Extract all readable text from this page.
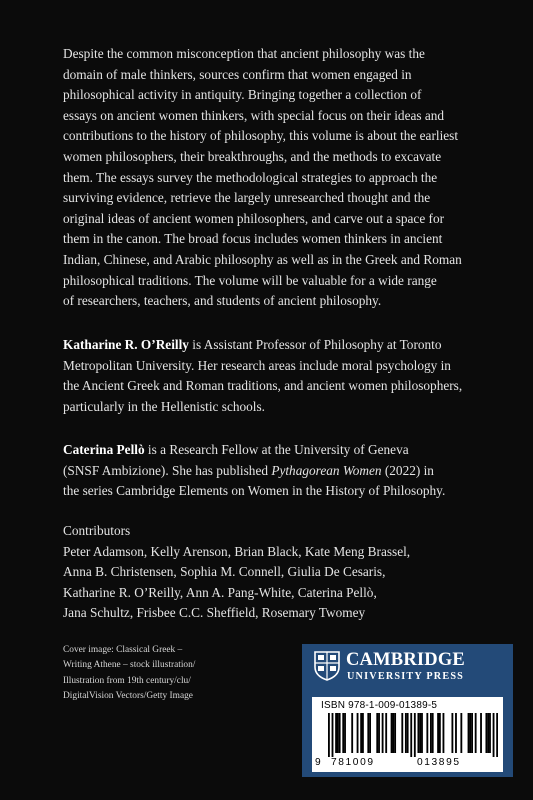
Despite the common misconception that ancient philosophy was the

domain of male thinkers, sources confirm that women engaged in

philosophical activity in antiquity. Bringing together a collection of

essays on ancient women thinkers, with special focus on their ideas and

contributions to the history of philosophy, this volume is about the earliest

women philosophers, their breakthroughs, and the methods to excavate

them. The essays survey the methodological strategies to approach the

surviving evidence, retrieve the largely unresearched thought and the

original ideas of ancient women philosophers, and carve out a space for

them in the canon. The broad focus includes women thinkers in ancient

Indian, Chinese, and Arabic philosophy as well as in the Greek and Roman

philosophical traditions. The volume will be valuable for a wide range

of researchers, teachers, and students of ancient philosophy.

Katharine R. O’Reilly is Assistant Professor of Philosophy at Toronto

Metropolitan University. Her research areas include moral psychology in

the Ancient Greek and Roman traditions, and ancient women philosophers,

particularly in the Hellenistic schools.

Caterina Pellò is a Research Fellow at the University of Geneva

(SNSF Ambizione). She has published Pythagorean Women (2022) in

the series Cambridge Elements on Women in the History of Philosophy.

Contributors
Peter Adamson, Kelly Arenson, Brian Black, Kate Meng Brassel,
Anna B. Christensen, Sophia M. Connell, Giulia De Cesaris,
Katharine R. O’Reilly, Ann A. Pang-White, Caterina Pellò,
Jana Schultz, Frisbee C.C. Sheffield, Rosemary Twomey
Cover image: Classical Greek –
Writing Athene – stock illustration/
Illustration from 19th century/clu/
DigitalVision Vectors/Getty Image
CAMBRIDGE
UNIVERSITY PRESS
ISBN 978-1-009-01389-5
9 781009	013895
